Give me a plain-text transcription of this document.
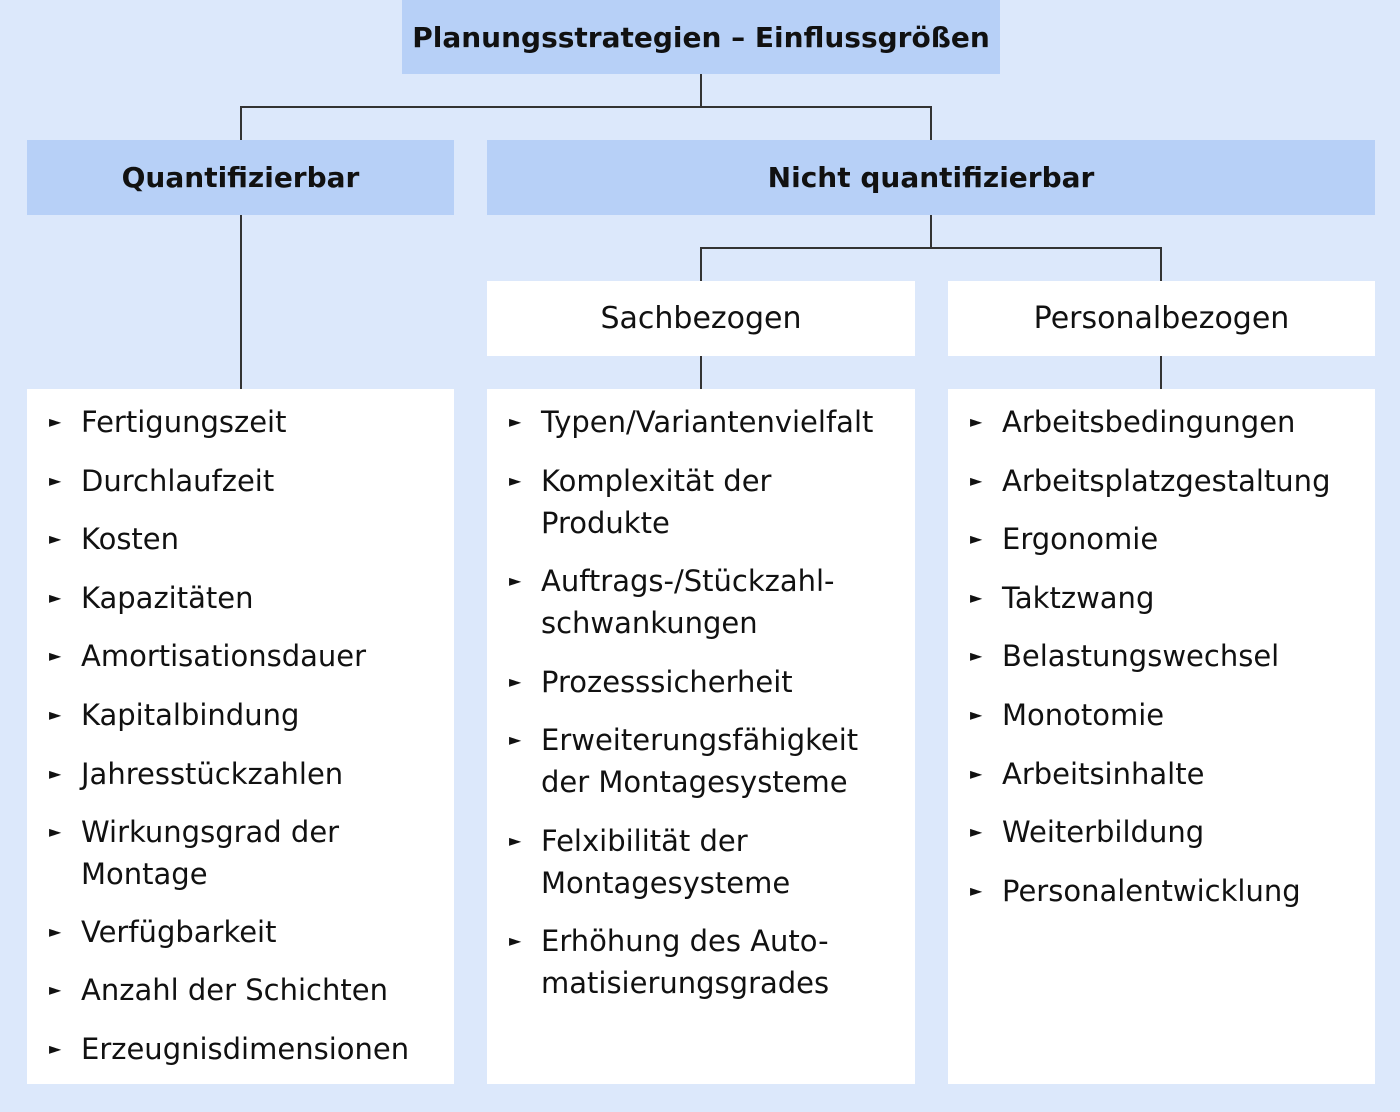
Planungsstrategien – Einflussgrößen
Quantifizierbar	Nicht quantifizierbar
Sachbezogen	Personalbezogen
► Fertigungszeit
► Durchlaufzeit
► Kosten
► Kapazitäten
► Amortisationsdauer
► Kapitalbindung
► Jahresstückzahlen
► Wirkungsgrad der Montage
► Verfügbarkeit
► Anzahl der Schichten
► Erzeugnisdimensionen
► Typen/Variantenvielfalt
► Komplexität der Produkte
► Auftrags-/Stückzahl- schwankungen
► Prozesssicherheit
► Erweiterungsfähigkeit der Montagesysteme
► Felxibilität der Montagesysteme
► Erhöhung des Auto- matisierungsgrades
► Arbeitsbedingungen
► Arbeitsplatzgestaltung
► Ergonomie
► Taktzwang
► Belastungswechsel
► Monotomie
► Arbeitsinhalte
► Weiterbildung
► Personalentwicklung
